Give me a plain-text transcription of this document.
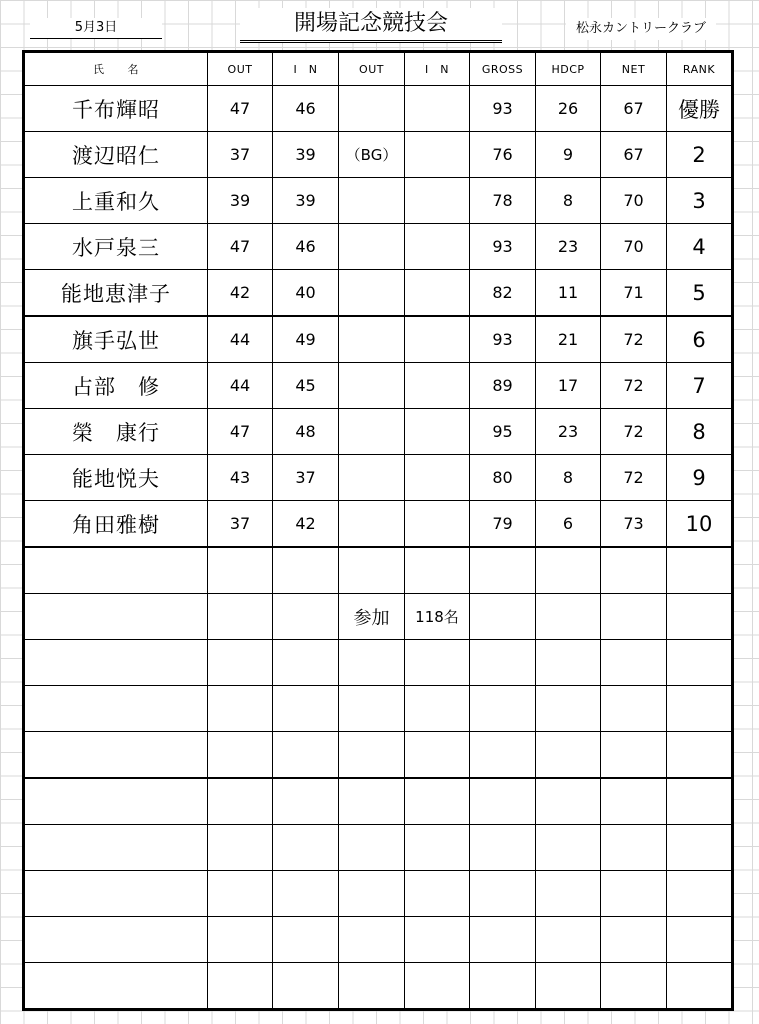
5月3日	開場記念競技会	松永カントリークラブ
氏　　名	OUT	I　N	OUT	I　N	GROSS	HDCP	NET	RANK
千布輝昭	47	46			93	26	67	優勝
渡辺昭仁	37	39	（BG）		76	9	67	2
上重和久	39	39			78	8	70	3
水戸泉三	47	46			93	23	70	4
能地恵津子	42	40			82	11	71	5
旗手弘世	44	49			93	21	72	6
占部　修	44	45			89	17	72	7
榮　康行	47	48			95	23	72	8
能地悦夫	43	37			80	8	72	9
角田雅樹	37	42			79	6	73	10

			参加	118名				
